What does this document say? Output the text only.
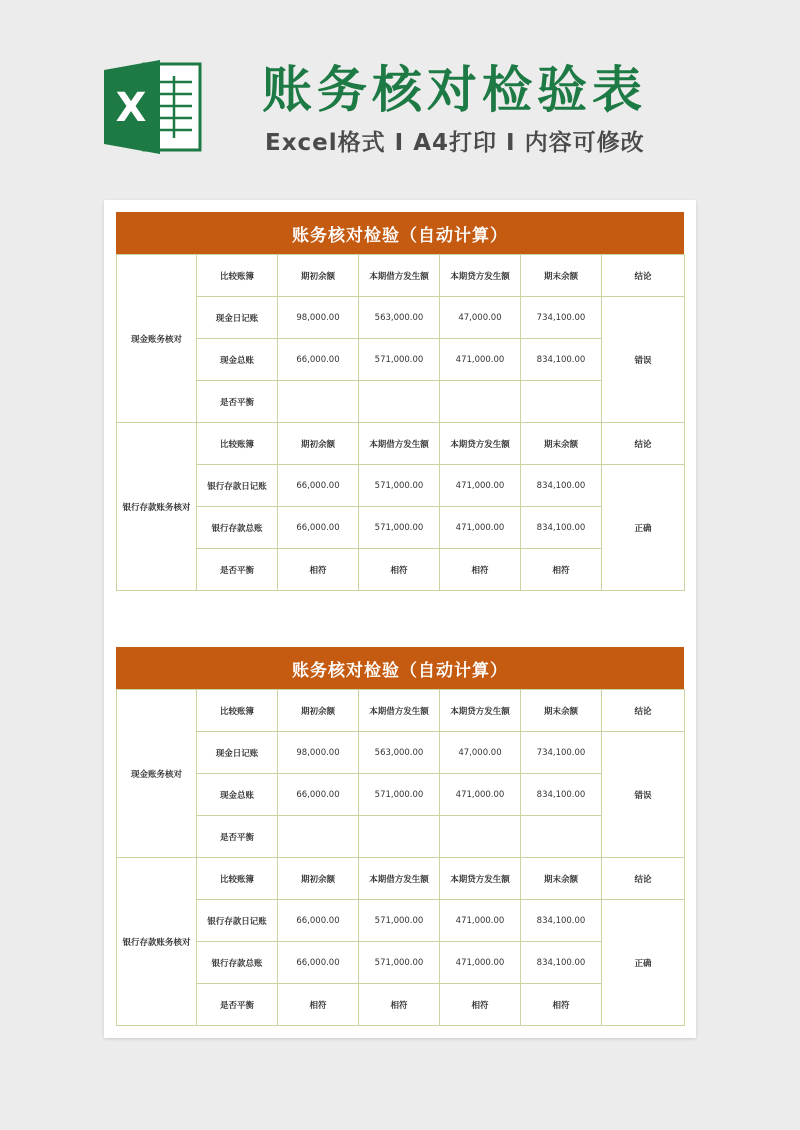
X 账务核对检验表
Excel格式 I A4打印 I 内容可修改
账务核对检验（自动计算）
现金账务核对	比较账簿	期初余额	本期借方发生额	本期贷方发生额	期末余额	结论
	现金日记账	98,000.00	563,000.00	47,000.00	734,100.00	错误
	现金总账	66,000.00	571,000.00	471,000.00	834,100.00	
	是否平衡					
银行存款账务核对	比较账簿	期初余额	本期借方发生额	本期贷方发生额	期末余额	结论
	银行存款日记账	66,000.00	571,000.00	471,000.00	834,100.00	正确
	银行存款总账	66,000.00	571,000.00	471,000.00	834,100.00	
	是否平衡	相符	相符	相符	相符	
账务核对检验（自动计算）
现金账务核对	比较账簿	期初余额	本期借方发生额	本期贷方发生额	期末余额	结论
	现金日记账	98,000.00	563,000.00	47,000.00	734,100.00	错误
	现金总账	66,000.00	571,000.00	471,000.00	834,100.00	
	是否平衡					
银行存款账务核对	比较账簿	期初余额	本期借方发生额	本期贷方发生额	期末余额	结论
	银行存款日记账	66,000.00	571,000.00	471,000.00	834,100.00	正确
	银行存款总账	66,000.00	571,000.00	471,000.00	834,100.00	
	是否平衡	相符	相符	相符	相符	
